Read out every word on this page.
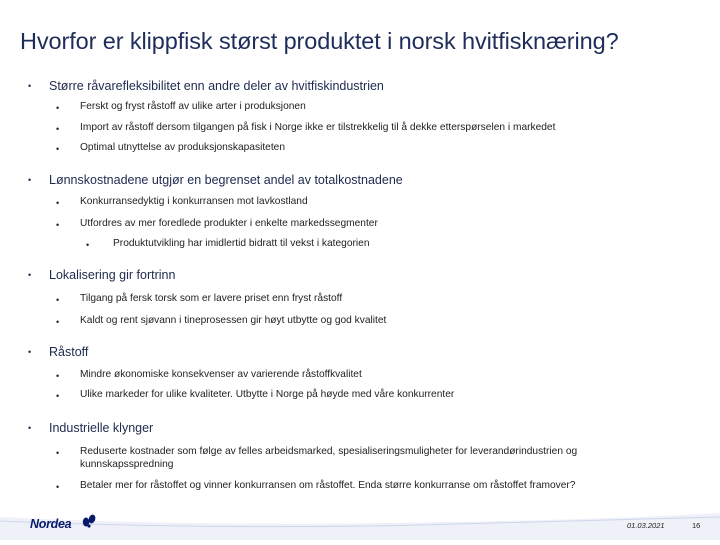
Hvorfor er klippfisk størst produktet i norsk hvitfisknæring?
• Større råvarefleksibilitet enn andre deler av hvitfiskindustrien
• Ferskt og fryst råstoff av ulike arter i produksjonen
• Import av råstoff dersom tilgangen på fisk i Norge ikke er tilstrekkelig til å dekke etterspørselen i markedet
• Optimal utnyttelse av produksjonskapasiteten
• Lønnskostnadene utgjør en begrenset andel av totalkostnadene
• Konkurransedyktig i konkurransen mot lavkostland
• Utfordres av mer foredlede produkter i enkelte markedssegmenter
• Produktutvikling har imidlertid bidratt til vekst i kategorien
• Lokalisering gir fortrinn
• Tilgang på fersk torsk som er lavere priset enn fryst råstoff
• Kaldt og rent sjøvann i tineprosessen gir høyt utbytte og god kvalitet
• Råstoff
• Mindre økonomiske konsekvenser av varierende råstoffkvalitet
• Ulike markeder for ulike kvaliteter. Utbytte i Norge på høyde med våre konkurrenter
• Industrielle klynger
• Reduserte kostnader som følge av felles arbeidsmarked, spesialiseringsmuligheter for leverandørindustrien og kunnskapsspredning
• Betaler mer for råstoffet og vinner konkurransen om råstoffet. Enda større konkurranse om råstoffet framover?
Nordea	01.03.2021	16
